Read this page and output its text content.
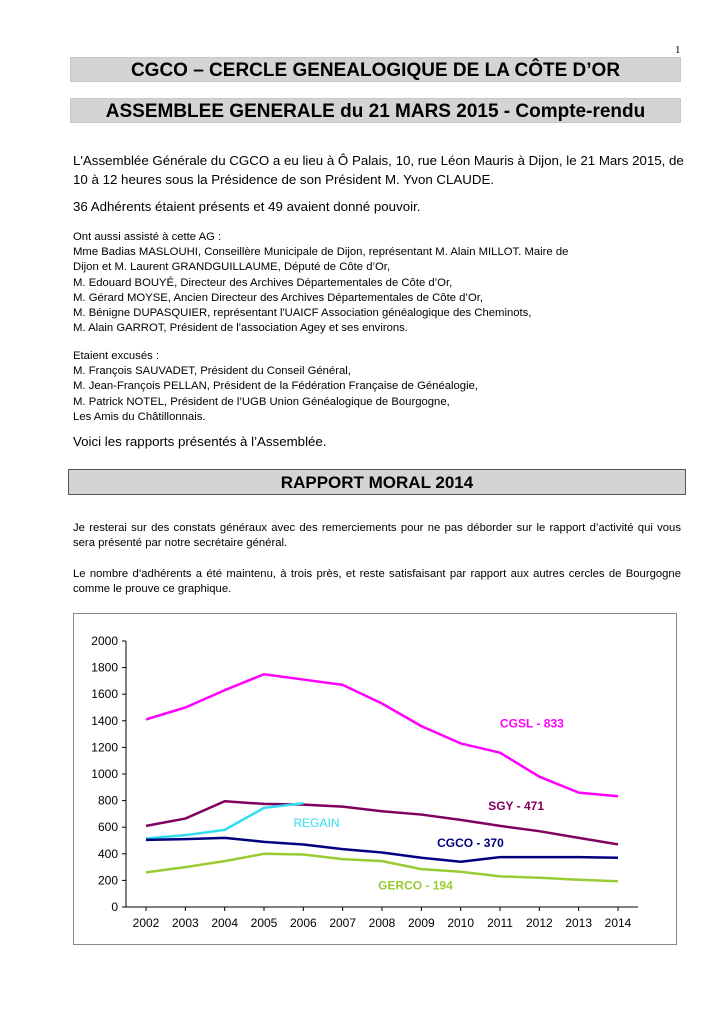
1
CGCO – CERCLE GENEALOGIQUE DE LA CÔTE D’OR
ASSEMBLEE GENERALE du 21 MARS 2015 - Compte-rendu
L'Assemblée Générale du CGCO a eu lieu à Ô Palais, 10, rue Léon Mauris à Dijon, le 21 Mars 2015, de 10 à 12 heures sous la Présidence de son Président M. Yvon CLAUDE.
36 Adhérents étaient présents et 49 avaient donné pouvoir.
Ont aussi assisté à cette AG :
Mme Badias MASLOUHI, Conseillère Municipale de Dijon, représentant M. Alain MILLOT. Maire de
Dijon et M. Laurent GRANDGUILLAUME, Député de Côte d’Or,
M. Edouard BOUYÉ, Directeur des Archives Départementales de Côte d’Or,
M. Gérard MOYSE, Ancien Directeur des Archives Départementales de Côte d’Or,
M. Bénigne DUPASQUIER, représentant l'UAICF Association généalogique des Cheminots,
M. Alain GARROT, Président de l'association Agey et ses environs.
Etaient excusés :
M. François SAUVADET, Président du Conseil Général,
M. Jean-François PELLAN, Président de la Fédération Française de Généalogie,
M. Patrick NOTEL, Président de l’UGB Union Généalogique de Bourgogne,
Les Amis du Châtillonnais.
Voici les rapports présentés à l’Assemblée.
RAPPORT MORAL 2014
Je resterai sur des constats généraux avec des remerciements pour ne pas déborder sur le rapport d’activité qui vous sera présenté par notre secrétaire général.
Le nombre d’adhérents a été maintenu, à trois près, et reste satisfaisant par rapport aux autres cercles de Bourgogne comme le prouve ce graphique.
0
200
400
600
800
1000
1200
1400
1600
1800
2000
2002 2003 2004 2005 2006 2007 2008 2009 2010 2011 2012 2013 2014
CGSL - 833
SGY - 471
REGAIN
CGCO - 370
GERCO - 194
